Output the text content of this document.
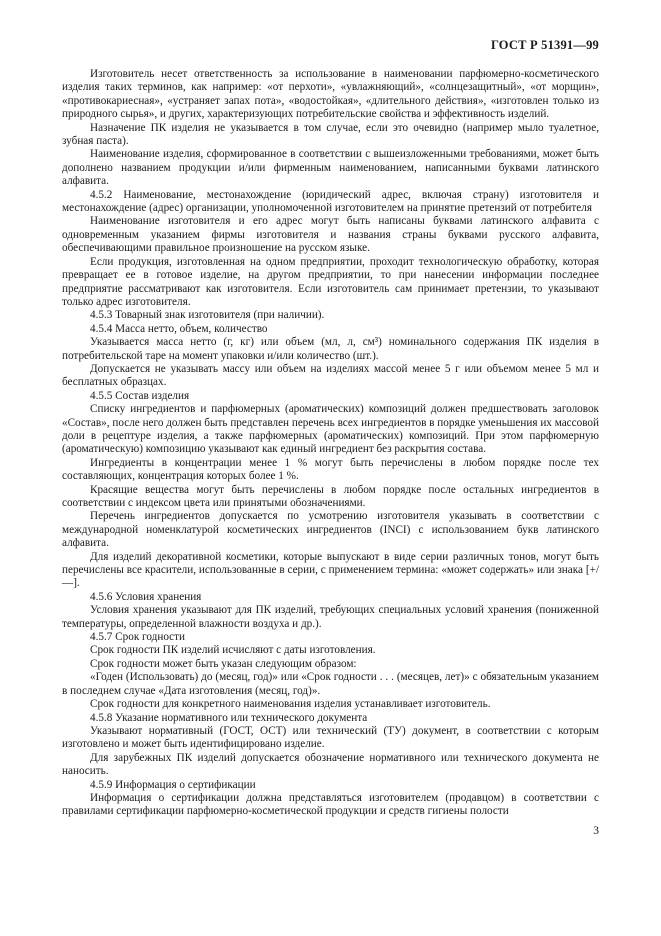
ГОСТ Р 51391—99

Изготовитель несет ответственность за использование в наименовании парфюмерно-косметического изделия таких терминов, как например: «от перхоти», «увлажняющий», «солнцезащитный», «от морщин», «противокариесная», «устраняет запах пота», «водостойкая», «длительного действия», «изготовлен только из природного сырья», и других, характеризующих потребительские свойства и эффективность изделий.

Назначение ПК изделия не указывается в том случае, если это очевидно (например мыло туалетное, зубная паста).

Наименование изделия, сформированное в соответствии с вышеизложенными требованиями, может быть дополнено названием продукции и/или фирменным наименованием, написанными буквами латинского алфавита.

4.5.2 Наименование, местонахождение (юридический адрес, включая страну) изготовителя и местонахождение (адрес) организации, уполномоченной изготовителем на принятие претензий от потребителя

Наименование изготовителя и его адрес могут быть написаны буквами латинского алфавита с одновременным указанием фирмы изготовителя и названия страны буквами русского алфавита, обеспечивающими правильное произношение на русском языке.

Если продукция, изготовленная на одном предприятии, проходит технологическую обработку, которая превращает ее в готовое изделие, на другом предприятии, то при нанесении информации последнее предприятие рассматривают как изготовителя. Если изготовитель сам принимает претензии, то указывают только адрес изготовителя.

4.5.3 Товарный знак изготовителя (при наличии).

4.5.4 Масса нетто, объем, количество

Указывается масса нетто (г, кг) или объем (мл, л, см³) номинального содержания ПК изделия в потребительской таре на момент упаковки и/или количество (шт.).

Допускается не указывать массу или объем на изделиях массой менее 5 г или объемом менее 5 мл и бесплатных образцах.

4.5.5 Состав изделия

Списку ингредиентов и парфюмерных (ароматических) композиций должен предшествовать заголовок «Состав», после него должен быть представлен перечень всех ингредиентов в порядке уменьшения их массовой доли в рецептуре изделия, а также парфюмерных (ароматических) композиций. При этом парфюмерную (ароматическую) композицию указывают как единый ингредиент без раскрытия состава.

Ингредиенты в концентрации менее 1 % могут быть перечислены в любом порядке после тех составляющих, концентрация которых более 1 %.

Красящие вещества могут быть перечислены в любом порядке после остальных ингредиентов в соответствии с индексом цвета или принятыми обозначениями.

Перечень ингредиентов допускается по усмотрению изготовителя указывать в соответствии с международной номенклатурой косметических ингредиентов (INCI) с использованием букв латинского алфавита.

Для изделий декоративной косметики, которые выпускают в виде серии различных тонов, могут быть перечислены все красители, использованные в серии, с применением термина: «может содержать» или знака [+/—].

4.5.6 Условия хранения

Условия хранения указывают для ПК изделий, требующих специальных условий хранения (пониженной температуры, определенной влажности воздуха и др.).

4.5.7 Срок годности

Срок годности ПК изделий исчисляют с даты изготовления.

Срок годности может быть указан следующим образом:

«Годен (Использовать) до (месяц, год)» или «Срок годности . . . (месяцев, лет)» с обязательным указанием в последнем случае «Дата изготовления (месяц, год)».

Срок годности для конкретного наименования изделия устанавливает изготовитель.

4.5.8 Указание нормативного или технического документа

Указывают нормативный (ГОСТ, ОСТ) или технический (ТУ) документ, в соответствии с которым изготовлено и может быть идентифицировано изделие.

Для зарубежных ПК изделий допускается обозначение нормативного или технического документа не наносить.

4.5.9 Информация о сертификации

Информация о сертификации должна представляться изготовителем (продавцом) в соответствии с правилами сертификации парфюмерно-косметической продукции и средств гигиены полости

3
